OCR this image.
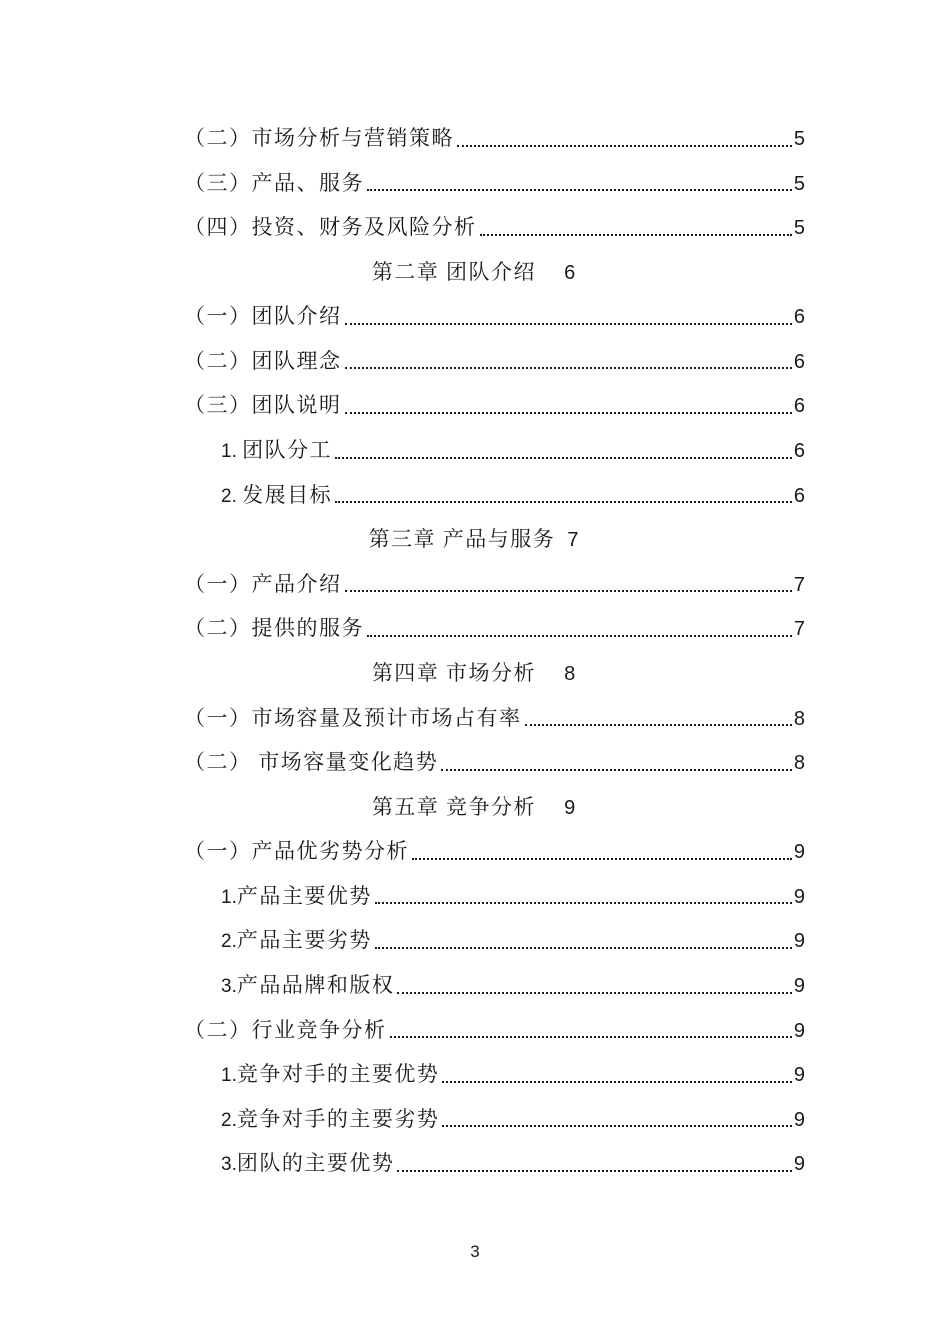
（二）市场分析与营销策略	5
（三）产品、服务	5
（四）投资、财务及风险分析	5
第二章 团队介绍 6
（一）团队介绍	6
（二）团队理念	6
（三）团队说明	6
1. 团队分工	6
2. 发展目标	6
第三章 产品与服务 7
（一）产品介绍	7
（二）提供的服务	7
第四章 市场分析 8
（一）市场容量及预计市场占有率	8
（二） 市场容量变化趋势	8
第五章 竞争分析 9
（一）产品优劣势分析	9
1. 产品主要优势	9
2. 产品主要劣势	9
3. 产品品牌和版权	9
（二）行业竞争分析	9
1. 竞争对手的主要优势	9
2. 竞争对手的主要劣势	9
3. 团队的主要优势	9
3
